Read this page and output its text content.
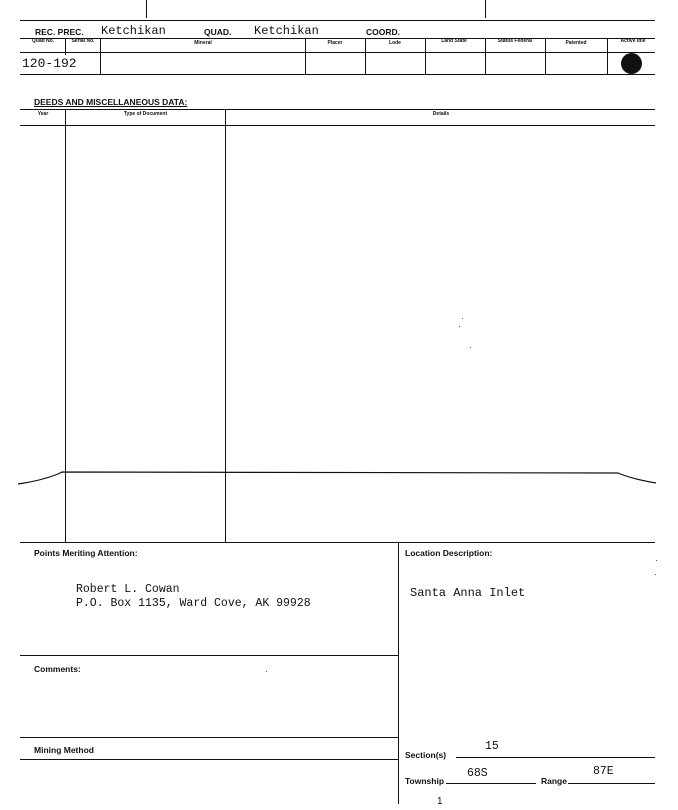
REC. PREC. Ketchikan	QUAD. Ketchikan	COORD.
Quad No.	Serial No.	Mineral	Placer	Lode	Land State	Status Federal	Patented	Active Idle
120-192
DEEDS AND MISCELLANEOUS DATA:
Year	Type of Document	Details
Points Meriting Attention:
Robert L. Cowan
P.O. Box 1135, Ward Cove, AK 99928
Comments:
Mining Method
Location Description:
Santa Anna Inlet
Section(s)
15
Township
68S
Range
87E
1
